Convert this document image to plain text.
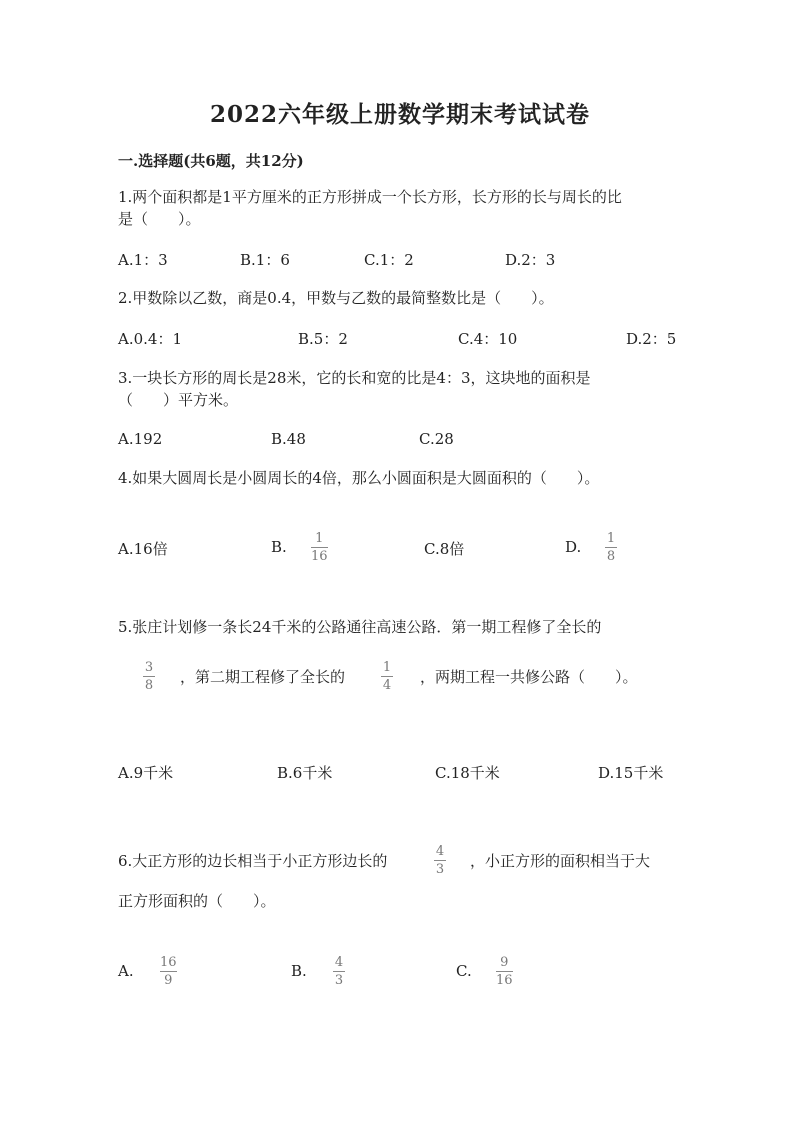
2022六年级上册数学期末考试试卷
一.选择题(共6题，共12分)
1.两个面积都是1平方厘米的正方形拼成一个长方形，长方形的长与周长的比
是（　　）。
A.1：3	B.1：6	C.1：2	D.2：3
2.甲数除以乙数，商是0.4，甲数与乙数的最简整数比是（　　）。
A.0.4：1	B.5：2	C.4：10	D.2：5
3.一块长方形的周长是28米，它的长和宽的比是4：3，这块地的面积是
（　　）平方米。
A.192	B.48	C.28
4.如果大圆周长是小圆周长的4倍，那么小圆面积是大圆面积的（　　）。
A.16倍	B. 1
16	C.8倍	D. 1
8
5.张庄计划修一条长24千米的公路通往高速公路．第一期工程修了全长的
3
8 ，第二期工程修了全长的
1
4 ，两期工程一共修公路（　　）。
A.9千米	B.6千米	C.18千米	D.15千米
6.大正方形的边长相当于小正方形边长的
4
3 ，小正方形的面积相当于大
正方形面积的（　　）。
A. 16
9
B. 4
3
C. 9
16
